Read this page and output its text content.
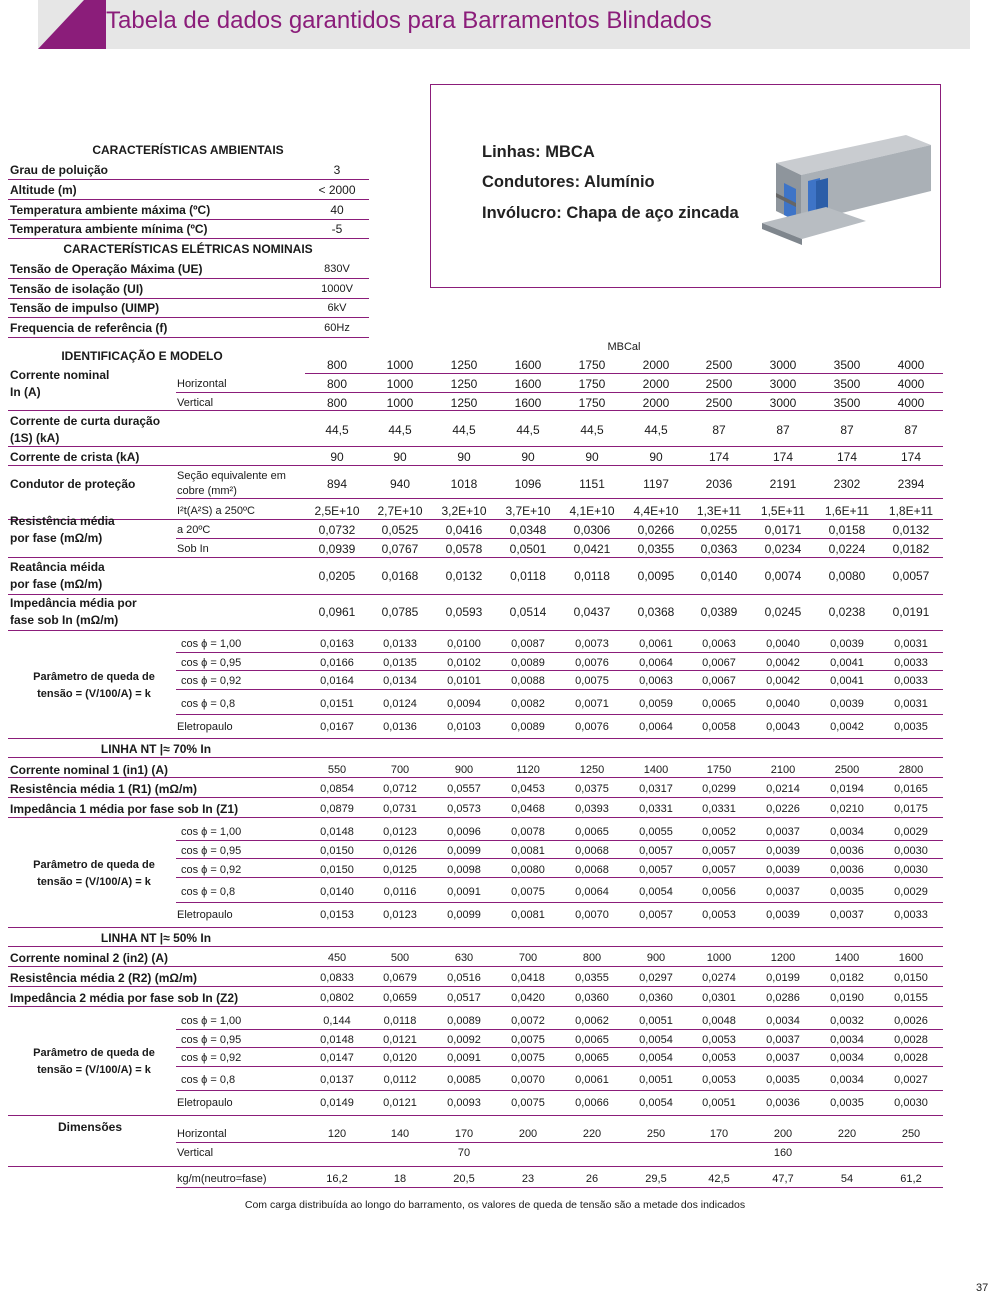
Tabela de dados garantidos para Barramentos Blindados
Linhas: MBCA
Condutores: Alumínio
Invólucro: Chapa de aço zincada
CARACTERÍSTICAS AMBIENTAIS
Grau de poluição	3
Altitude (m)	< 2000
Temperatura ambiente máxima (ºC)	40
Temperatura ambiente mínima (ºC)	-5
CARACTERÍSTICAS ELÉTRICAS NOMINAIS
Tensão de Operação Máxima (UE)	830V
Tensão de isolação (UI)	1000V
Tensão de impulso (UIMP)	6kV
Frequencia de referência (f)	60Hz
IDENTIFICAÇÃO E MODELO
MBCal
800	1000	1250	1600	1750	2000	2500	3000	3500	4000
Corrente nominal
In (A)
Horizontal	800	1000	1250	1600	1750	2000	2500	3000	3500	4000
Vertical	800	1000	1250	1600	1750	2000	2500	3000	3500	4000
Corrente de curta duração
(1S) (kA)
44,5	44,5	44,5	44,5	44,5	44,5	87	87	87	87
Corrente de crista (kA)	90	90	90	90	90	90	174	174	174	174
Condutor de proteção
Seção equivalente em
cobre (mm²)	894	940	1018	1096	1151	1197	2036	2191	2302	2394
I²t(A²S) a 250ºC	2,5E+10 2,7E+10 3,2E+10 3,7E+10 4,1E+10 4,4E+10 1,3E+11 1,5E+11 1,6E+11 1,8E+11
Resistência média
por fase (mΩ/m)
a 20ºC	0,0732 0,0525 0,0416 0,0348 0,0306 0,0266 0,0255 0,0171 0,0158 0,0132
Sob In	0,0939 0,0767 0,0578 0,0501 0,0421 0,0355 0,0363 0,0234 0,0224 0,0182
Reatância méida
por fase (mΩ/m)
0,0205 0,0168 0,0132 0,0118 0,0118 0,0095 0,0140 0,0074 0,0080 0,0057
Impedância média por
fase sob In (mΩ/m)
0,0961 0,0785 0,0593 0,0514 0,0437 0,0368 0,0389 0,0245 0,0238 0,0191
cos ϕ = 1,00	0,0163	0,0133	0,0100	0,0087	0,0073	0,0061	0,0063	0,0040	0,0039	0,0031
cos ϕ = 0,95	0,0166	0,0135	0,0102	0,0089	0,0076	0,0064	0,0067	0,0042	0,0041	0,0033
cos ϕ = 0,92	0,0164	0,0134	0,0101	0,0088	0,0075	0,0063	0,0067	0,0042	0,0041	0,0033
cos ϕ = 0,8	0,0151	0,0124	0,0094	0,0082	0,0071	0,0059	0,0065	0,0040	0,0039	0,0031
Eletropaulo	0,0167	0,0136	0,0103	0,0089	0,0076	0,0064	0,0058	0,0043	0,0042	0,0035
Corrente nominal 1 (in1) (A)	550	700	900	1120	1250	1400	1750	2100	2500	2800
Resistência média 1 (R1) (mΩ/m)	0,0854	0,0712	0,0557	0,0453	0,0375	0,0317	0,0299	0,0214	0,0194	0,0165
Impedância 1 média por fase sob In (Z1)	0,0879	0,0731	0,0573	0,0468	0,0393	0,0331	0,0331	0,0226	0,0210	0,0175
cos ϕ = 1,00	0,0148	0,0123	0,0096	0,0078	0,0065	0,0055	0,0052	0,0037	0,0034	0,0029
cos ϕ = 0,95	0,0150	0,0126	0,0099	0,0081	0,0068	0,0057	0,0057	0,0039	0,0036	0,0030
cos ϕ = 0,92	0,0150	0,0125	0,0098	0,0080	0,0068	0,0057	0,0057	0,0039	0,0036	0,0030
cos ϕ = 0,8	0,0140	0,0116	0,0091	0,0075	0,0064	0,0054	0,0056	0,0037	0,0035	0,0029
Eletropaulo	0,0153	0,0123	0,0099	0,0081	0,0070	0,0057	0,0053	0,0039	0,0037	0,0033
Corrente nominal 2 (in2) (A)	450	500	630	700	800	900	1000	1200	1400	1600
Resistência média 2 (R2) (mΩ/m)	0,0833	0,0679	0,0516	0,0418	0,0355	0,0297	0,0274	0,0199	0,0182	0,0150
Impedância 2 média por fase sob In (Z2)	0,0802	0,0659	0,0517	0,0420	0,0360	0,0360	0,0301	0,0286	0,0190	0,0155
cos ϕ = 1,00	0,144	0,0118	0,0089	0,0072	0,0062	0,0051	0,0048	0,0034	0,0032	0,0026
cos ϕ = 0,95	0,0148	0,0121	0,0092	0,0075	0,0065	0,0054	0,0053	0,0037	0,0034	0,0028
cos ϕ = 0,92	0,0147	0,0120	0,0091	0,0075	0,0065	0,0054	0,0053	0,0037	0,0034	0,0028
cos ϕ = 0,8	0,0137	0,0112	0,0085	0,0070	0,0061	0,0051	0,0053	0,0035	0,0034	0,0027
Eletropaulo	0,0149	0,0121	0,0093	0,0075	0,0066	0,0054	0,0051	0,0036	0,0035	0,0030
Horizontal	120	140	170	200	220	250	170	200	220	250
Vertical	70	160
kg/m(neutro=fase)	16,2	18	20,5	23	26	29,5	42,5	47,7	54	61,2
Parâmetro de queda de
tensão = (V/100/A) = k
Parâmetro de queda de
tensão = (V/100/A) = k
Parâmetro de queda de
tensão = (V/100/A) = k
LINHA NT |≈ 70% In
LINHA NT |≈ 50% In
Dimensões
Com carga distribuída ao longo do barramento, os valores de queda de tensão são a metade dos indicados
37
